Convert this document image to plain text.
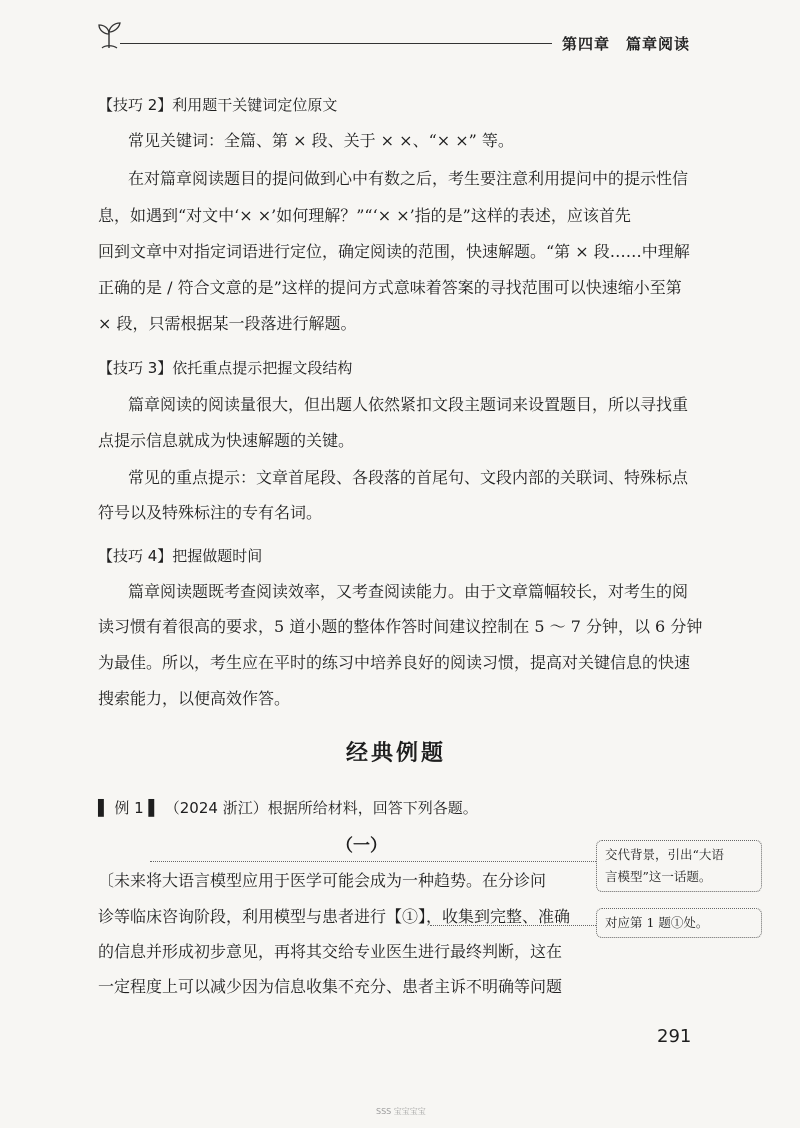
第四章 篇章阅读
【技巧 2】利用题干关键词定位原文
常见关键词：全篇、第 × 段、关于 × ×、“× ×” 等。
在对篇章阅读题目的提问做到心中有数之后，考生要注意利用提问中的提示性信
息，如遇到“对文中‘× ×’如何理解？”“‘× ×’指的是”这样的表述，应该首先
回到文章中对指定词语进行定位，确定阅读的范围，快速解题。“第 × 段……中理解
正确的是 / 符合文意的是”这样的提问方式意味着答案的寻找范围可以快速缩小至第
× 段，只需根据某一段落进行解题。
【技巧 3】依托重点提示把握文段结构
篇章阅读的阅读量很大，但出题人依然紧扣文段主题词来设置题目，所以寻找重
点提示信息就成为快速解题的关键。
常见的重点提示：文章首尾段、各段落的首尾句、文段内部的关联词、特殊标点
符号以及特殊标注的专有名词。
【技巧 4】把握做题时间
篇章阅读题既考查阅读效率，又考查阅读能力。由于文章篇幅较长，对考生的阅
读习惯有着很高的要求，5 道小题的整体作答时间建议控制在 5 ～ 7 分钟，以 6 分钟
为最佳。所以，考生应在平时的练习中培养良好的阅读习惯，提高对关键信息的快速
搜索能力，以便高效作答。
经典例题
▌ 例 1 ▌ （2024 浙江）根据所给材料，回答下列各题。
（一）
〔未来将大语言模型应用于医学可能会成为一种趋势。在分诊问
诊等临床咨询阶段，利用模型与患者进行【①】，收集到完整、准确
的信息并形成初步意见，再将其交给专业医生进行最终判断，这在
一定程度上可以减少因为信息收集不充分、患者主诉不明确等问题
交代背景，引出“大语
言模型”这一话题。
对应第 1 题①处。
291
SSS 宝宝宝宝
